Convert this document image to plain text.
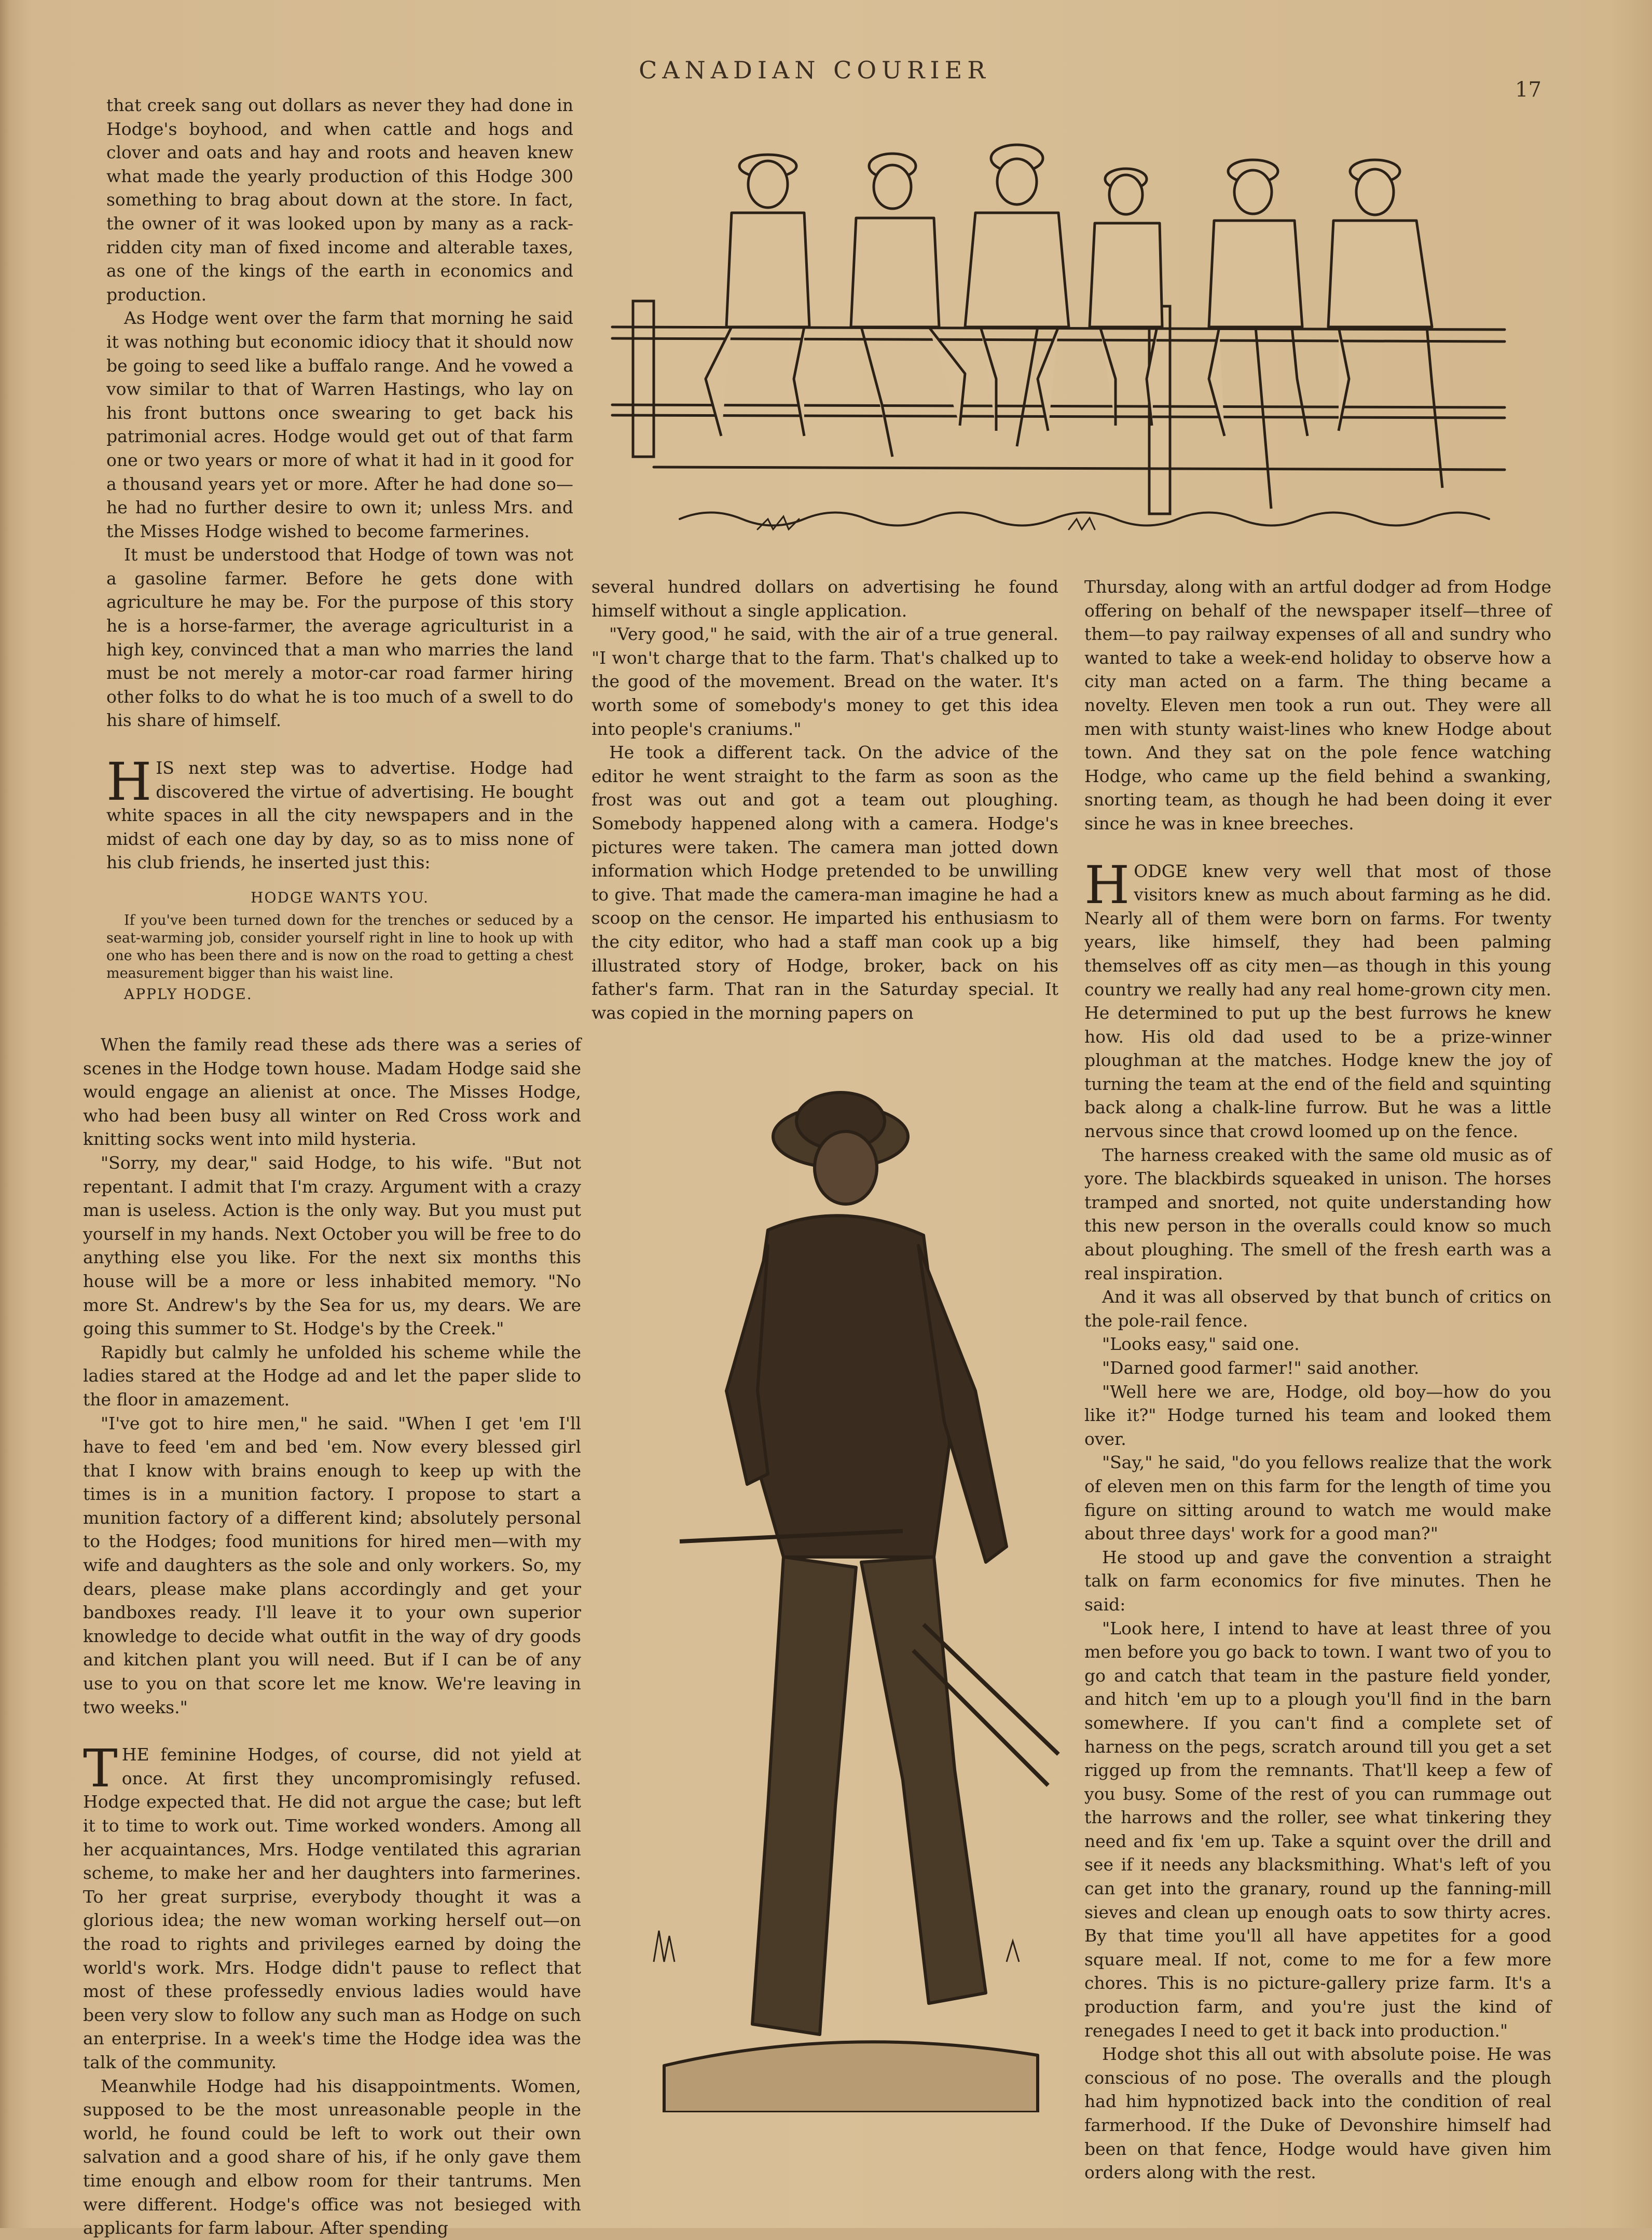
CANADIAN COURIER
17

that creek sang out dollars as never they had done in Hodge's boyhood, and when cattle and hogs and clover and oats and hay and roots and heaven knew what made the yearly production of this Hodge 300 something to brag about down at the store. In fact, the owner of it was looked upon by many as a rack-ridden city man of fixed income and alterable taxes, as one of the kings of the earth in economics and production.

As Hodge went over the farm that morning he said it was nothing but economic idiocy that it should now be going to seed like a buffalo range. And he vowed a vow similar to that of Warren Hastings, who lay on his front buttons once swearing to get back his patrimonial acres. Hodge would get out of that farm one or two years or more of what it had in it good for a thousand years yet or more. After he had done so—he had no further desire to own it; unless Mrs. and the Misses Hodge wished to become farmerines.

It must be understood that Hodge of town was not a gasoline farmer. Before he gets done with agriculture he may be. For the purpose of this story he is a horse-farmer, the average agriculturist in a high key, convinced that a man who marries the land must be not merely a motor-car road farmer hiring other folks to do what he is too much of a swell to do his share of himself.

HIS next step was to advertise. Hodge had discovered the virtue of advertising. He bought white spaces in all the city newspapers and in the midst of each one day by day, so as to miss none of his club friends, he inserted just this:

HODGE WANTS YOU.

If you've been turned down for the trenches or seduced by a seat-warming job, consider yourself right in line to hook up with one who has been there and is now on the road to getting a chest measurement bigger than his waist line.

APPLY HODGE.

several hundred dollars on advertising he found himself without a single application.

"Very good," he said, with the air of a true general. "I won't charge that to the farm. That's chalked up to the good of the movement. Bread on the water. It's worth some of somebody's money to get this idea into people's craniums."

He took a different tack. On the advice of the editor he went straight to the farm as soon as the frost was out and got a team out ploughing. Somebody happened along with a camera. Hodge's pictures were taken. The camera man jotted down information which Hodge pretended to be unwilling to give. That made the camera-man imagine he had a scoop on the censor. He imparted his enthusiasm to the city editor, who had a staff man cook up a big illustrated story of Hodge, broker, back on his father's farm. That ran in the Saturday special. It was copied in the morning papers on

When the family read these ads there was a series of scenes in the Hodge town house. Madam Hodge said she would engage an alienist at once. The Misses Hodge, who had been busy all winter on Red Cross work and knitting socks went into mild hysteria.

"Sorry, my dear," said Hodge, to his wife. "But not repentant. I admit that I'm crazy. Argument with a crazy man is useless. Action is the only way. But you must put yourself in my hands. Next October you will be free to do anything else you like. For the next six months this house will be a more or less inhabited memory. "No more St. Andrew's by the Sea for us, my dears. We are going this summer to St. Hodge's by the Creek."

Rapidly but calmly he unfolded his scheme while the ladies stared at the Hodge ad and let the paper slide to the floor in amazement.

"I've got to hire men," he said. "When I get 'em I'll have to feed 'em and bed 'em. Now every blessed girl that I know with brains enough to keep up with the times is in a munition factory. I propose to start a munition factory of a different kind; absolutely personal to the Hodges; food munitions for hired men—with my wife and daughters as the sole and only workers. So, my dears, please make plans accordingly and get your bandboxes ready. I'll leave it to your own superior knowledge to decide what outfit in the way of dry goods and kitchen plant you will need. But if I can be of any use to you on that score let me know. We're leaving in two weeks."

THE feminine Hodges, of course, did not yield at once. At first they uncompromisingly refused. Hodge expected that. He did not argue the case; but left it to time to work out. Time worked wonders. Among all her acquaintances, Mrs. Hodge ventilated this agrarian scheme, to make her and her daughters into farmerines. To her great surprise, everybody thought it was a glorious idea; the new woman working herself out—on the road to rights and privileges earned by doing the world's work. Mrs. Hodge didn't pause to reflect that most of these professedly envious ladies would have been very slow to follow any such man as Hodge on such an enterprise. In a week's time the Hodge idea was the talk of the community.

Meanwhile Hodge had his disappointments. Women, supposed to be the most unreasonable people in the world, he found could be left to work out their own salvation and a good share of his, if he only gave them time enough and elbow room for their tantrums. Men were different. Hodge's office was not besieged with applicants for farm labour. After spending

Thursday, along with an artful dodger ad from Hodge offering on behalf of the newspaper itself—three of them—to pay railway expenses of all and sundry who wanted to take a week-end holiday to observe how a city man acted on a farm. The thing became a novelty. Eleven men took a run out. They were all men with stunty waist-lines who knew Hodge about town. And they sat on the pole fence watching Hodge, who came up the field behind a swanking, snorting team, as though he had been doing it ever since he was in knee breeches.

HODGE knew very well that most of those visitors knew as much about farming as he did. Nearly all of them were born on farms. For twenty years, like himself, they had been palming themselves off as city men—as though in this young country we really had any real home-grown city men. He determined to put up the best furrows he knew how. His old dad used to be a prize-winner ploughman at the matches. Hodge knew the joy of turning the team at the end of the field and squinting back along a chalk-line furrow. But he was a little nervous since that crowd loomed up on the fence.

The harness creaked with the same old music as of yore. The blackbirds squeaked in unison. The horses tramped and snorted, not quite understanding how this new person in the overalls could know so much about ploughing. The smell of the fresh earth was a real inspiration.

And it was all observed by that bunch of critics on the pole-rail fence.

"Looks easy," said one.

"Darned good farmer!" said another.

"Well here we are, Hodge, old boy—how do you like it?" Hodge turned his team and looked them over.

"Say," he said, "do you fellows realize that the work of eleven men on this farm for the length of time you figure on sitting around to watch me would make about three days' work for a good man?"

He stood up and gave the convention a straight talk on farm economics for five minutes. Then he said:

"Look here, I intend to have at least three of you men before you go back to town. I want two of you to go and catch that team in the pasture field yonder, and hitch 'em up to a plough you'll find in the barn somewhere. If you can't find a complete set of harness on the pegs, scratch around till you get a set rigged up from the remnants. That'll keep a few of you busy. Some of the rest of you can rummage out the harrows and the roller, see what tinkering they need and fix 'em up. Take a squint over the drill and see if it needs any blacksmithing. What's left of you can get into the granary, round up the fanning-mill sieves and clean up enough oats to sow thirty acres. By that time you'll all have appetites for a good square meal. If not, come to me for a few more chores. This is no picture-gallery prize farm. It's a production farm, and you're just the kind of renegades I need to get it back into production."

Hodge shot this all out with absolute poise. He was conscious of no pose. The overalls and the plough had him hypnotized back into the condition of real farmerhood. If the Duke of Devonshire himself had been on that fence, Hodge would have given him orders along with the rest.
